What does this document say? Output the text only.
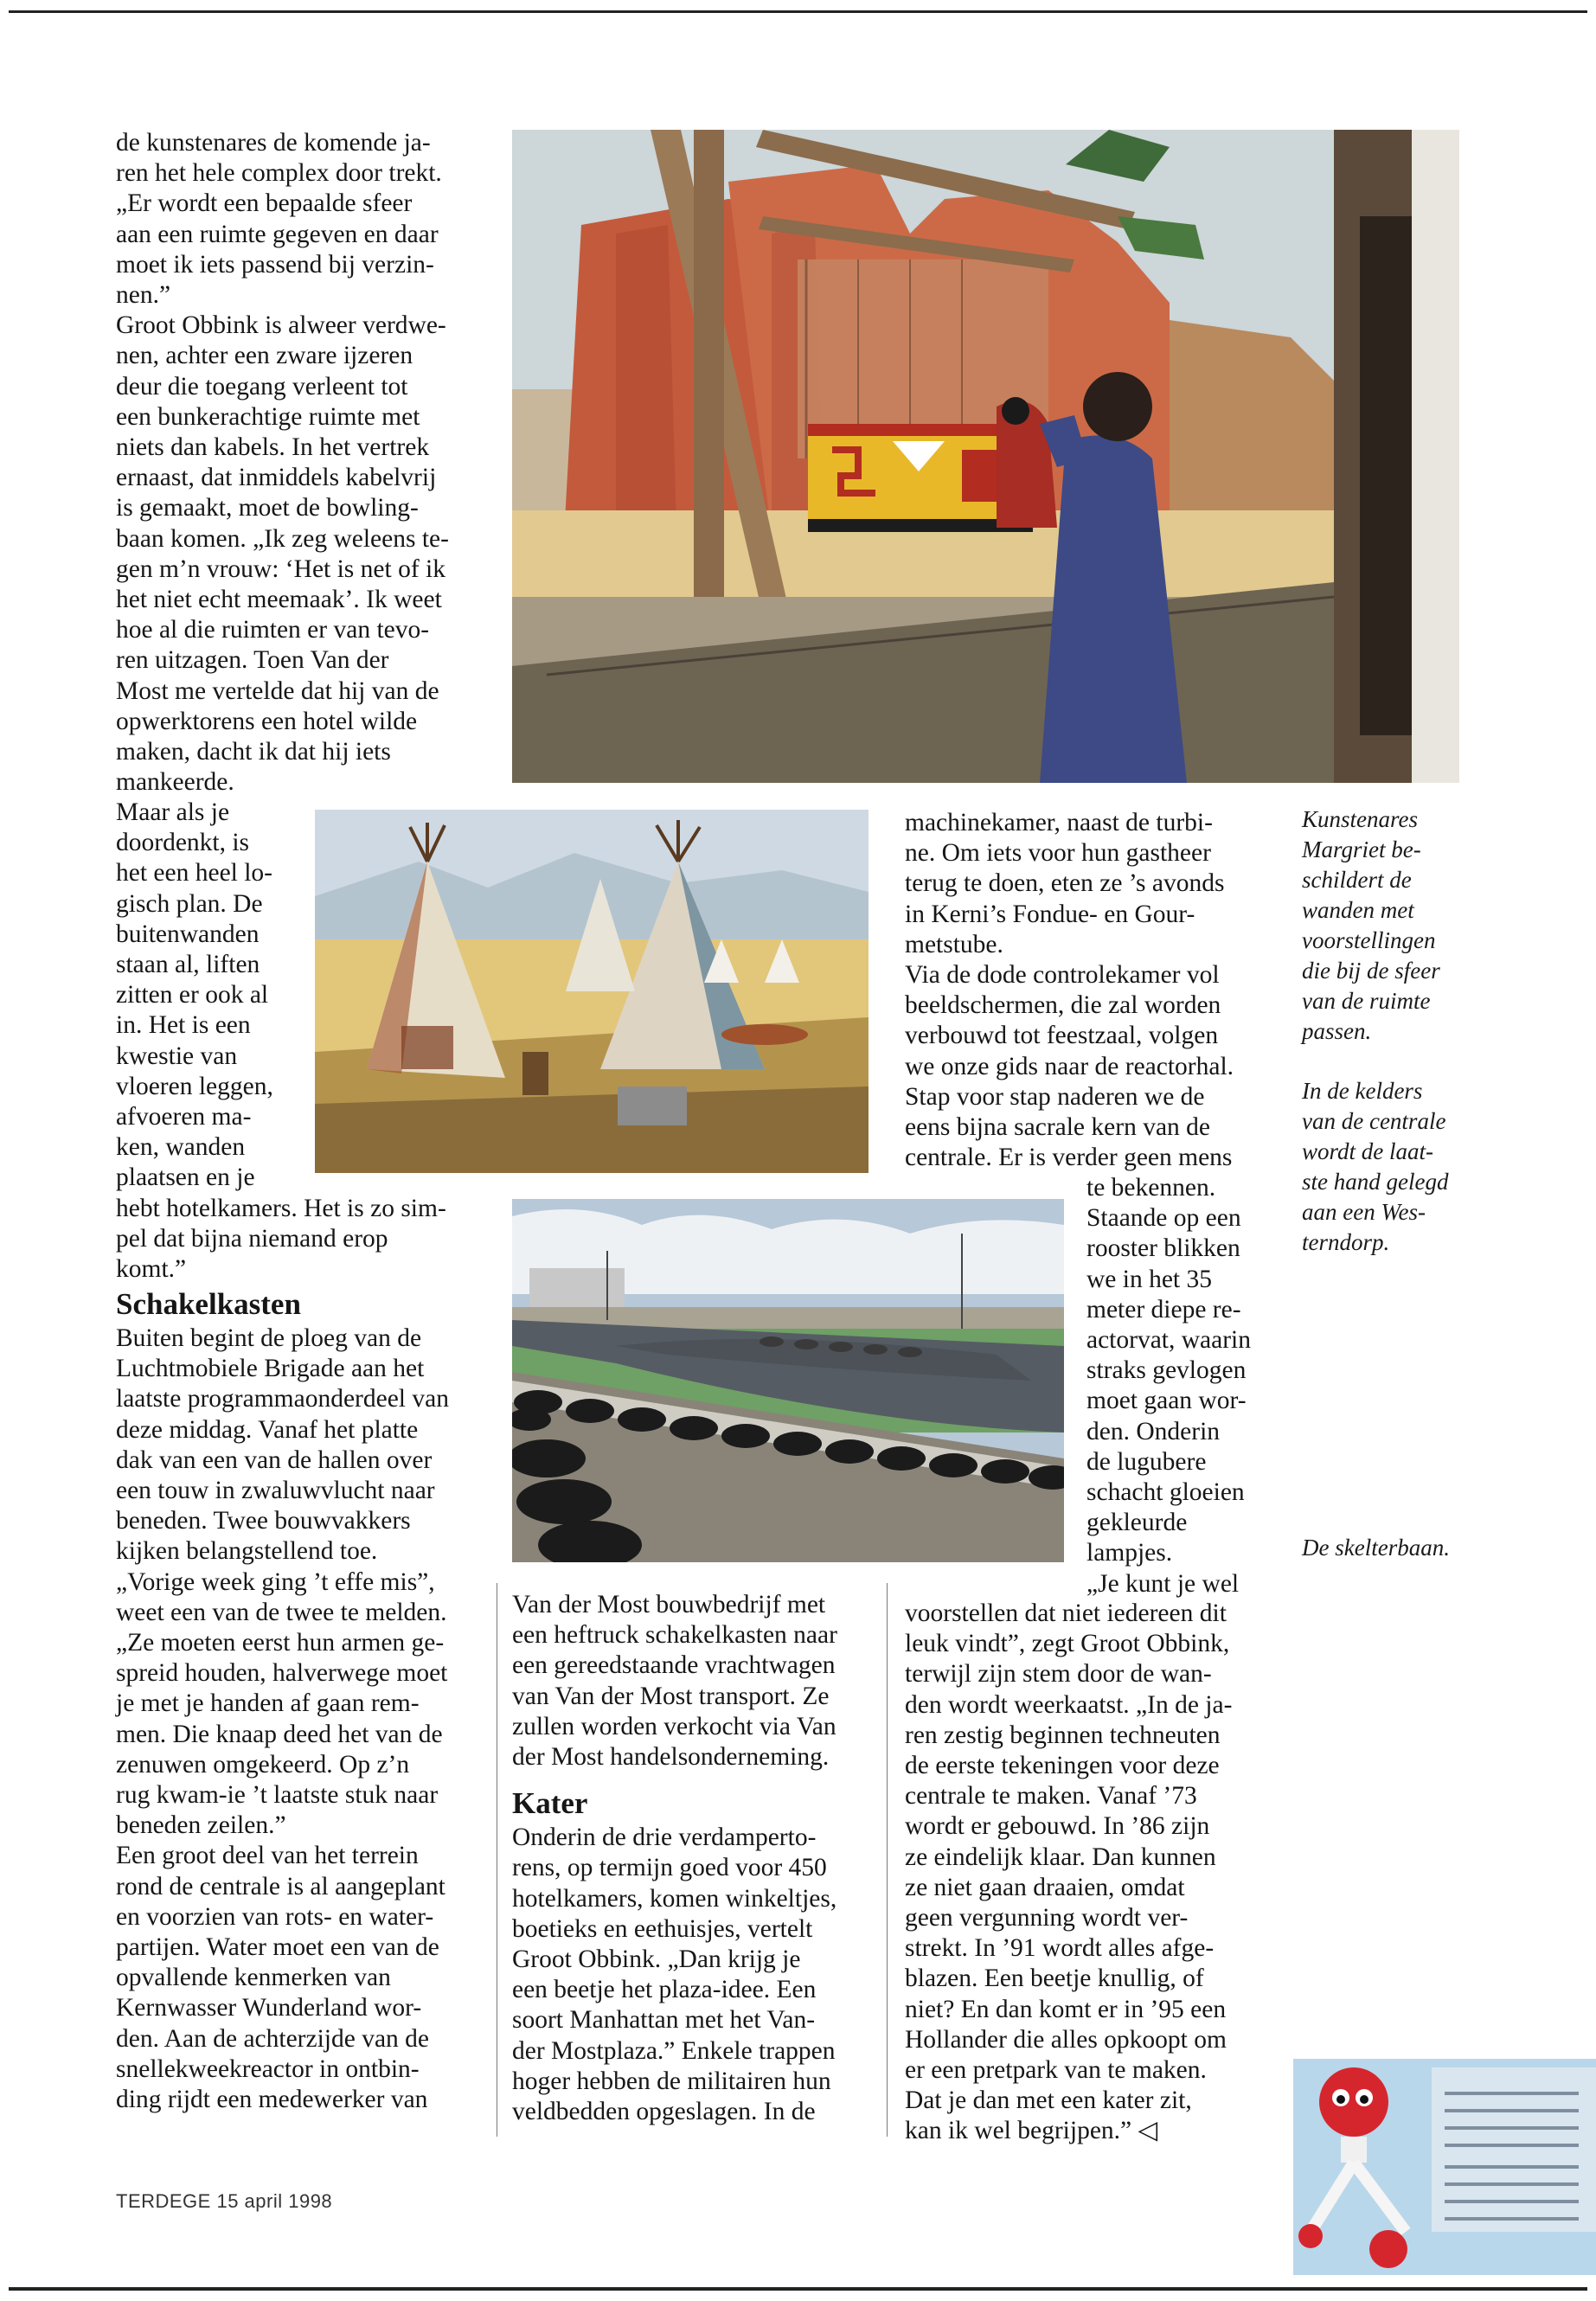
de kunstenares de komende ja-
ren het hele complex door trekt.
„Er wordt een bepaalde sfeer
aan een ruimte gegeven en daar
moet ik iets passend bij verzin-
nen.”
Groot Obbink is alweer verdwe-
nen, achter een zware ijzeren
deur die toegang verleent tot
een bunkerachtige ruimte met
niets dan kabels. In het vertrek
ernaast, dat inmiddels kabelvrij
is gemaakt, moet de bowling-
baan komen. „Ik zeg weleens te-
gen m’n vrouw: ‘Het is net of ik
het niet echt meemaak’. Ik weet
hoe al die ruimten er van tevo-
ren uitzagen. Toen Van der
Most me vertelde dat hij van de
opwerktorens een hotel wilde
maken, dacht ik dat hij iets
mankeerde.
Maar als je
doordenkt, is
het een heel lo-
gisch plan. De
buitenwanden
staan al, liften
zitten er ook al
in. Het is een
kwestie van
vloeren leggen,
afvoeren ma-
ken, wanden
plaatsen en je
hebt hotelkamers. Het is zo sim-
pel dat bijna niemand erop
komt.”
Schakelkasten
Buiten begint de ploeg van de
Luchtmobiele Brigade aan het
laatste programmaonderdeel van
deze middag. Vanaf het platte
dak van een van de hallen over
een touw in zwaluwvlucht naar
beneden. Twee bouwvakkers
kijken belangstellend toe.
„Vorige week ging ’t effe mis”,
weet een van de twee te melden.
„Ze moeten eerst hun armen ge-
spreid houden, halverwege moet
je met je handen af gaan rem-
men. Die knaap deed het van de
zenuwen omgekeerd. Op z’n
rug kwam-ie ’t laatste stuk naar
beneden zeilen.”
Een groot deel van het terrein
rond de centrale is al aangeplant
en voorzien van rots- en water-
partijen. Water moet een van de
opvallende kenmerken van
Kernwasser Wunderland wor-
den. Aan de achterzijde van de
snellekweekreactor in ontbin-
ding rijdt een medewerker van
Van der Most bouwbedrijf met
een heftruck schakelkasten naar
een gereedstaande vrachtwagen
van Van der Most transport. Ze
zullen worden verkocht via Van
der Most handelsonderneming.
Kater
Onderin de drie verdamperto-
rens, op termijn goed voor 450
hotelkamers, komen winkeltjes,
boetieks en eethuisjes, vertelt
Groot Obbink. „Dan krijg je
een beetje het plaza-idee. Een
soort Manhattan met het Van-
der Mostplaza.” Enkele trappen
hoger hebben de militairen hun
veldbedden opgeslagen. In de
machinekamer, naast de turbi-
ne. Om iets voor hun gastheer
terug te doen, eten ze ’s avonds
in Kerni’s Fondue- en Gour-
metstube.
Via de dode controlekamer vol
beeldschermen, die zal worden
verbouwd tot feestzaal, volgen
we onze gids naar de reactorhal.
Stap voor stap naderen we de
eens bijna sacrale kern van de
centrale. Er is verder geen mens
te bekennen.
Staande op een
rooster blikken
we in het 35
meter diepe re-
actorvat, waarin
straks gevlogen
moet gaan wor-
den. Onderin
de lugubere
schacht gloeien
gekleurde
lampjes.
„Je kunt je wel
voorstellen dat niet iedereen dit
leuk vindt”, zegt Groot Obbink,
terwijl zijn stem door de wan-
den wordt weerkaatst. „In de ja-
ren zestig beginnen techneuten
de eerste tekeningen voor deze
centrale te maken. Vanaf ’73
wordt er gebouwd. In ’86 zijn
ze eindelijk klaar. Dan kunnen
ze niet gaan draaien, omdat
geen vergunning wordt ver-
strekt. In ’91 wordt alles afge-
blazen. Een beetje knullig, of
niet? En dan komt er in ’95 een
Hollander die alles opkoopt om
er een pretpark van te maken.
Dat je dan met een kater zit,
kan ik wel begrijpen.” ◁

Kunstenares
Margriet be-
schildert de
wanden met
voorstellingen
die bij de sfeer
van de ruimte
passen.

In de kelders
van de centrale
wordt de laat-
ste hand gelegd
aan een Wes-
terndorp.

De skelterbaan.
TERDEGE 15 april 1998
